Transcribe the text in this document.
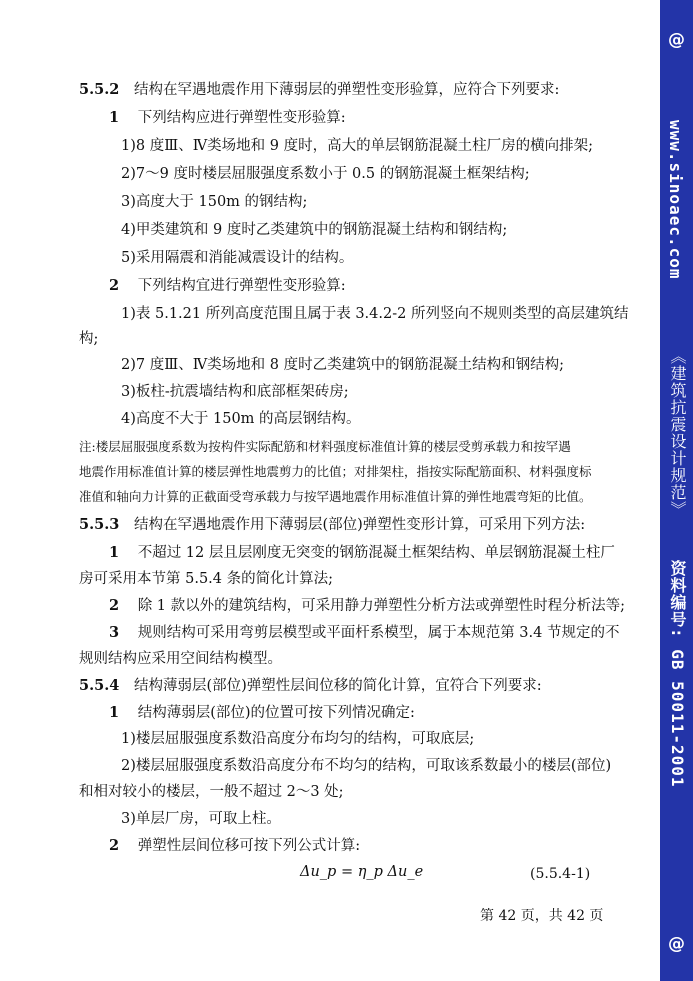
5.5.2 结构在罕遇地震作用下薄弱层的弹塑性变形验算，应符合下列要求:
1 下列结构应进行弹塑性变形验算:
1)8 度Ⅲ、Ⅳ类场地和 9 度时，高大的单层钢筋混凝土柱厂房的横向排架;
2)7～9 度时楼层屈服强度系数小于 0.5 的钢筋混凝土框架结构;
3)高度大于 150m 的钢结构;
4)甲类建筑和 9 度时乙类建筑中的钢筋混凝土结构和钢结构;
5)采用隔震和消能减震设计的结构。
2 下列结构宜进行弹塑性变形验算:
1)表 5.1.21 所列高度范围且属于表 3.4.2-2 所列竖向不规则类型的高层建筑结
构;
2)7 度Ⅲ、Ⅳ类场地和 8 度时乙类建筑中的钢筋混凝土结构和钢结构;
3)板柱-抗震墙结构和底部框架砖房;
4)高度不大于 150m 的高层钢结构。
注:楼层屈服强度系数为按构件实际配筋和材料强度标准值计算的楼层受剪承载力和按罕遇
地震作用标准值计算的楼层弹性地震剪力的比值；对排架柱，指按实际配筋面积、材料强度标
准值和轴向力计算的正截面受弯承载力与按罕遇地震作用标准值计算的弹性地震弯矩的比值。
5.5.3 结构在罕遇地震作用下薄弱层(部位)弹塑性变形计算，可采用下列方法:
1 不超过 12 层且层刚度无突变的钢筋混凝土框架结构、单层钢筋混凝土柱厂
房可采用本节第 5.5.4 条的简化计算法;
2 除 1 款以外的建筑结构，可采用静力弹塑性分析方法或弹塑性时程分析法等;
3 规则结构可采用弯剪层模型或平面杆系模型，属于本规范第 3.4 节规定的不
规则结构应采用空间结构模型。
5.5.4 结构薄弱层(部位)弹塑性层间位移的简化计算，宜符合下列要求:
1 结构薄弱层(部位)的位置可按下列情况确定:
1)楼层屈服强度系数沿高度分布均匀的结构，可取底层;
2)楼层屈服强度系数沿高度分布不均匀的结构，可取该系数最小的楼层(部位)
和相对较小的楼层，一般不超过 2～3 处;
3)单层厂房，可取上柱。
2 弹塑性层间位移可按下列公式计算:
Δu_p = η_p Δu_e	(5.5.4-1)
第 42 页，共 42 页
@
www.sinoaec.com
《建筑抗震设计规范》
资料编号: GB 50011-2001
@
